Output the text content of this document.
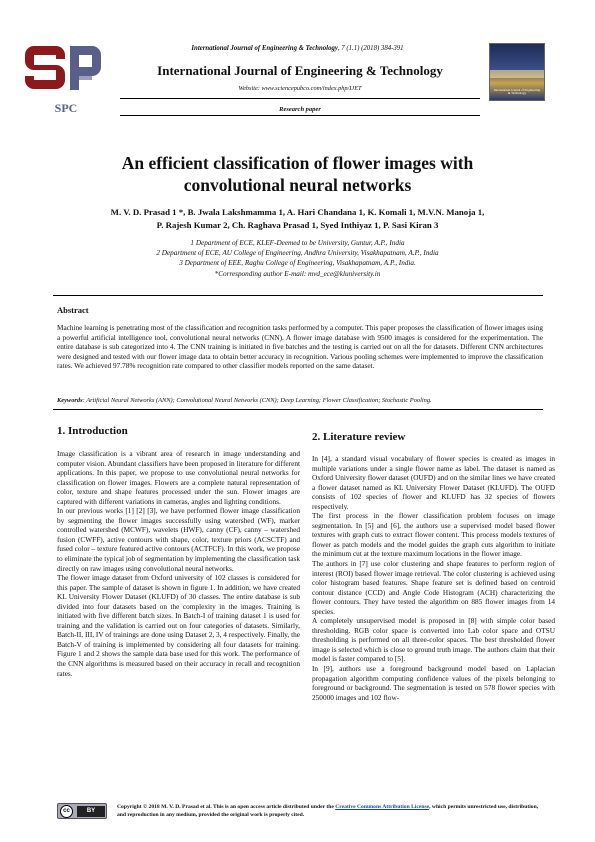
SPC
International Journal of Engineering & Technology, 7 (1.1) (2018) 384-391
International Journal of Engineering & Technology
Website: www.sciencepubco.com/index.php/IJET
Research paper
International Journal of Engineering & Technology
An efficient classification of flower images with
convolutional neural networks
M. V. D. Prasad 1 *, B. Jwala Lakshmamma 1, A. Hari Chandana 1, K. Komali 1, M.V.N. Manoja 1,
P. Rajesh Kumar 2, Ch. Raghava Prasad 1, Syed Inthiyaz 1, P. Sasi Kiran 3
1 Department of ECE, KLEF-Deemed to be University, Guntur, A.P., India
2 Department of ECE, AU College of Engineering, Andhra University, Visakhapatnam, A.P., India
3 Department of EEE, Raghu College of Engineering, Visakhapatnam, A.P., India.
*Corresponding author E-mail: mvd_ece@kluniversity.in
Abstract
Machine learning is penetrating most of the classification and recognition tasks performed by a computer. This paper proposes the classification of flower images using a powerful artificial intelligence tool, convolutional neural networks (CNN). A flower image database with 9500 images is considered for the experimentation. The entire database is sub categorized into 4. The CNN training is initiated in five batches and the testing is carried out on all the for datasets. Different CNN architectures were designed and tested with our flower image data to obtain better accuracy in recognition. Various pooling schemes were implemented to improve the classification rates. We achieved 97.78% recognition rate compared to other classifier models reported on the same dataset.
Keywords: Artificial Neural Networks (ANN); Convolutional Neural Networks (CNN); Deep Learning; Flower Classification; Stochastic Pooling.
1. Introduction	2. Literature review

Image classification is a vibrant area of research in image understanding and computer vision. Abundant classifiers have been proposed in literature for different applications. In this paper, we propose to use convolutional neural networks for classification on flower images. Flowers are a complete natural representation of color, texture and shape features processed under the sun. Flower images are captured with different variations in cameras, angles and lighting conditions.

In our previous works [1] [2] [3], we have performed flower image classification by segmenting the flower images successfully using watershed (WF), marker controlled watershed (MCWF), wavelets (HWF), canny (CF), canny – watershed fusion (CWFF), active contours with shape, color, texture priors (ACSCTF) and fused color – texture featured active contours (ACTFCF). In this work, we propose to eliminate the typical job of segmentation by implementing the classification task directly on raw images using convolutional neural networks.

The flower image dataset from Oxford university of 102 classes is considered for this paper. The sample of dataset is shown in figure 1. In addition, we have created KL University Flower Dataset (KLUFD) of 30 classes. The entire database is sub divided into four datasets based on the complexity in the images. Training is initiated with five different batch sizes. In Batch-I of training dataset 1 is used for training and the validation is carried out on four categories of datasets. Similarly, Batch-II, III, IV of trainings are done using Dataset 2, 3, 4 respectively. Finally, the Batch-V of training is implemented by considering all four datasets for training. Figure 1 and 2 shows the sample data base used for this work. The performance of the CNN algorithms is measured based on their accuracy in recall and recognition rates.

In [4], a standard visual vocabulary of flower species is created as images in multiple variations under a single flower name as label. The dataset is named as Oxford University flower dataset (OUFD) and on the similar lines we have created a flower dataset named as KL University Flower Dataset (KLUFD). The OUFD consists of 102 species of flower and KLUFD has 32 species of flowers respectively.

The first process in the flower classification problem focuses on image segmentation. In [5] and [6], the authors use a supervised model based flower textures with graph cuts to extract flower content. This process models textures of flower as patch models and the model guides the graph cuts algorithm to initiate the minimum cut at the texture maximum locations in the flower image.

The authors in [7] use color clustering and shape features to perform region of interest (ROI) based flower image retrieval. The color clustering is achieved using color histogram based features. Shape feature set is defined based on centroid contour distance (CCD) and Angle Code Histogram (ACH) characterizing the flower contours. They have tested the algorithm on 885 flower images from 14 species.

A completely unsupervised model is proposed in [8] with simple color based thresholding. RGB color space is converted into Lab color space and OTSU thresholding is performed on all three-color spaces. The best thresholded flower image is selected which is close to ground truth image. The authors claim that their model is faster compared to [5].

In [9], authors use a foreground background model based on Laplacian propagation algorithm computing confidence values of the pixels belonging to foreground or background. The segmentation is tested on 578 flower species with 250000 images and 102 flow-

cc	BY
Copyright © 2018 M. V. D. Prasad et al. This is an open access article distributed under the Creative Commons Attribution License, which permits unrestricted use, distribution, and reproduction in any medium, provided the original work is properly cited.
